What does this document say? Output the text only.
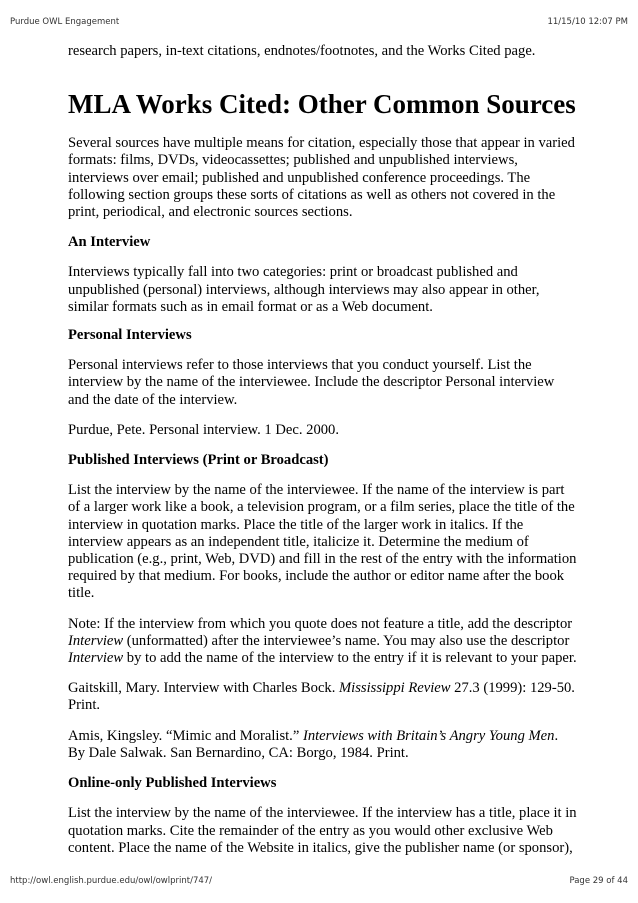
Purdue OWL Engagement	11/15/10 12:07 PM

research papers, in-text citations, endnotes/footnotes, and the Works Cited page.

MLA Works Cited: Other Common Sources

Several sources have multiple means for citation, especially those that appear in varied formats: films, DVDs, videocassettes; published and unpublished interviews, interviews over email; published and unpublished conference proceedings. The following section groups these sorts of citations as well as others not covered in the print, periodical, and electronic sources sections.

An Interview

Interviews typically fall into two categories: print or broadcast published and unpublished (personal) interviews, although interviews may also appear in other, similar formats such as in email format or as a Web document.

Personal Interviews

Personal interviews refer to those interviews that you conduct yourself. List the interview by the name of the interviewee. Include the descriptor Personal interview and the date of the interview.

Purdue, Pete. Personal interview. 1 Dec. 2000.

Published Interviews (Print or Broadcast)

List the interview by the name of the interviewee. If the name of the interview is part of a larger work like a book, a television program, or a film series, place the title of the interview in quotation marks. Place the title of the larger work in italics. If the interview appears as an independent title, italicize it. Determine the medium of publication (e.g., print, Web, DVD) and fill in the rest of the entry with the information required by that medium. For books, include the author or editor name after the book title.

Note: If the interview from which you quote does not feature a title, add the descriptor Interview (unformatted) after the interviewee’s name. You may also use the descriptor Interview by to add the name of the interview to the entry if it is relevant to your paper.

Gaitskill, Mary. Interview with Charles Bock. Mississippi Review 27.3 (1999): 129-50. Print.

Amis, Kingsley. “Mimic and Moralist.” Interviews with Britain’s Angry Young Men. By Dale Salwak. San Bernardino, CA: Borgo, 1984. Print.

Online-only Published Interviews

List the interview by the name of the interviewee. If the interview has a title, place it in quotation marks. Cite the remainder of the entry as you would other exclusive Web content. Place the name of the Website in italics, give the publisher name (or sponsor),

http://owl.english.purdue.edu/owl/owlprint/747/	Page 29 of 44
